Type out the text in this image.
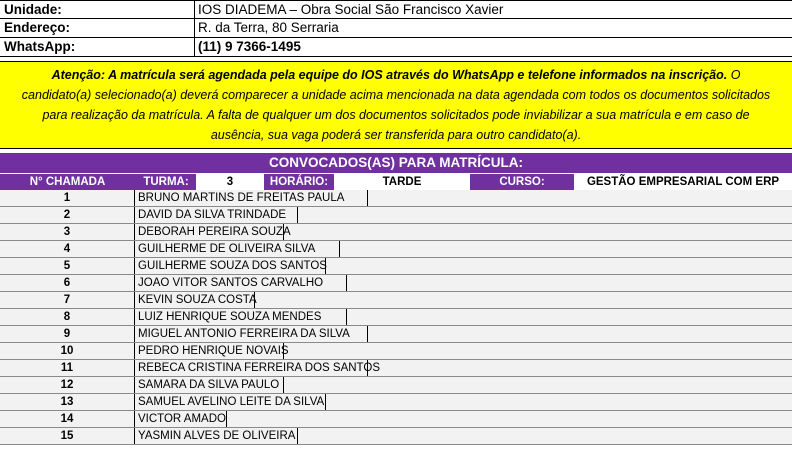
Unidade:	IOS DIADEMA – Obra Social São Francisco Xavier
Endereço:	R. da Terra, 80 Serraria
WhatsApp:	(11) 9 7366-1495

Atenção: A matrícula será agendada pela equipe do IOS através do WhatsApp e telefone informados na inscrição. O candidato(a) selecionado(a) deverá comparecer a unidade acima mencionada na data agendada com todos os documentos solicitados para realização da matrícula. A falta de qualquer um dos documentos solicitados pode inviabilizar a sua matrícula e em caso de ausência, sua vaga poderá ser transferida para outro candidato(a).

CONVOCADOS(AS) PARA MATRÍCULA:
N° CHAMADA	TURMA:	3	HORÁRIO:	TARDE	CURSO:	GESTÃO EMPRESARIAL COM ERP
1	BRUNO MARTINS DE FREITAS PAULA
2	DAVID DA SILVA TRINDADE
3	DEBORAH PEREIRA SOUZA
4	GUILHERME DE OLIVEIRA SILVA
5	GUILHERME SOUZA DOS SANTOS
6	JOAO VITOR SANTOS CARVALHO
7	KEVIN SOUZA COSTA
8	LUIZ HENRIQUE SOUZA MENDES
9	MIGUEL ANTONIO FERREIRA DA SILVA
10	PEDRO HENRIQUE NOVAIS
11	REBECA CRISTINA FERREIRA DOS SANTOS
12	SAMARA DA SILVA PAULO
13	SAMUEL AVELINO LEITE DA SILVA
14	VICTOR AMADO
15	YASMIN ALVES DE OLIVEIRA
